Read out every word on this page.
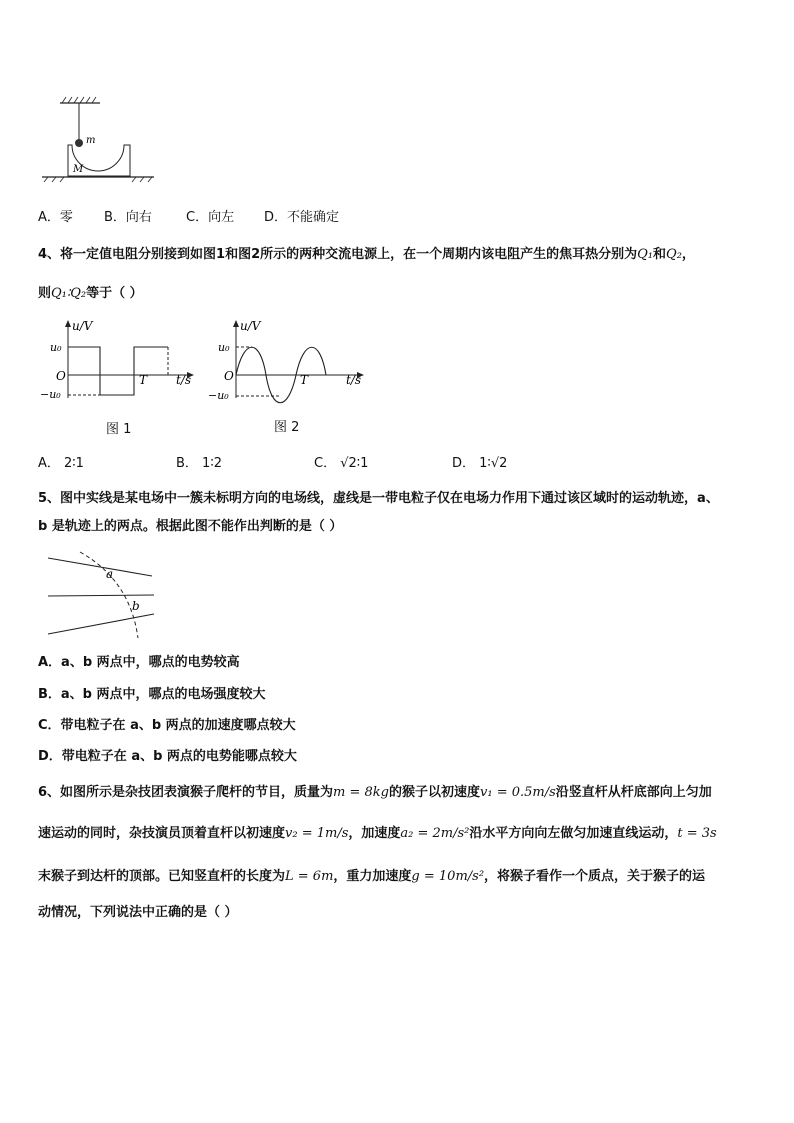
m
M
A．零 B．向右	C．向左 D．不能确定
4、将一定值电阻分别接到如图1和图2所示的两种交流电源上，在一个周期内该电阻产生的焦耳热分别为Q₁和Q₂，
则Q₁∶Q₂等于（ ）
u/V
u₀
−u₀
O	T t/s
图 1
u/V
u₀
−u₀
O	T	t/s
图 2
A． 2∶1	B． 1∶2	C． √2∶1	D． 1∶√2
5、图中实线是某电场中一簇未标明方向的电场线，虚线是一带电粒子仅在电场力作用下通过该区域时的运动轨迹，a、
b 是轨迹上的两点。根据此图不能作出判断的是（ ）
a
b
A．a、b 两点中，哪点的电势较高
B．a、b 两点中，哪点的电场强度较大
C．带电粒子在 a、b 两点的加速度哪点较大
D．带电粒子在 a、b 两点的电势能哪点较大
6、如图所示是杂技团表演猴子爬杆的节目，质量为m = 8kg的猴子以初速度v₁ = 0.5m/s沿竖直杆从杆底部向上匀加
速运动的同时，杂技演员顶着直杆以初速度v₂ = 1m/s，加速度a₂ = 2m/s²沿水平方向向左做匀加速直线运动，t = 3s
末猴子到达杆的顶部。已知竖直杆的长度为L = 6m，重力加速度g = 10m/s²，将猴子看作一个质点，关于猴子的运
动情况，下列说法中正确的是（ ）
